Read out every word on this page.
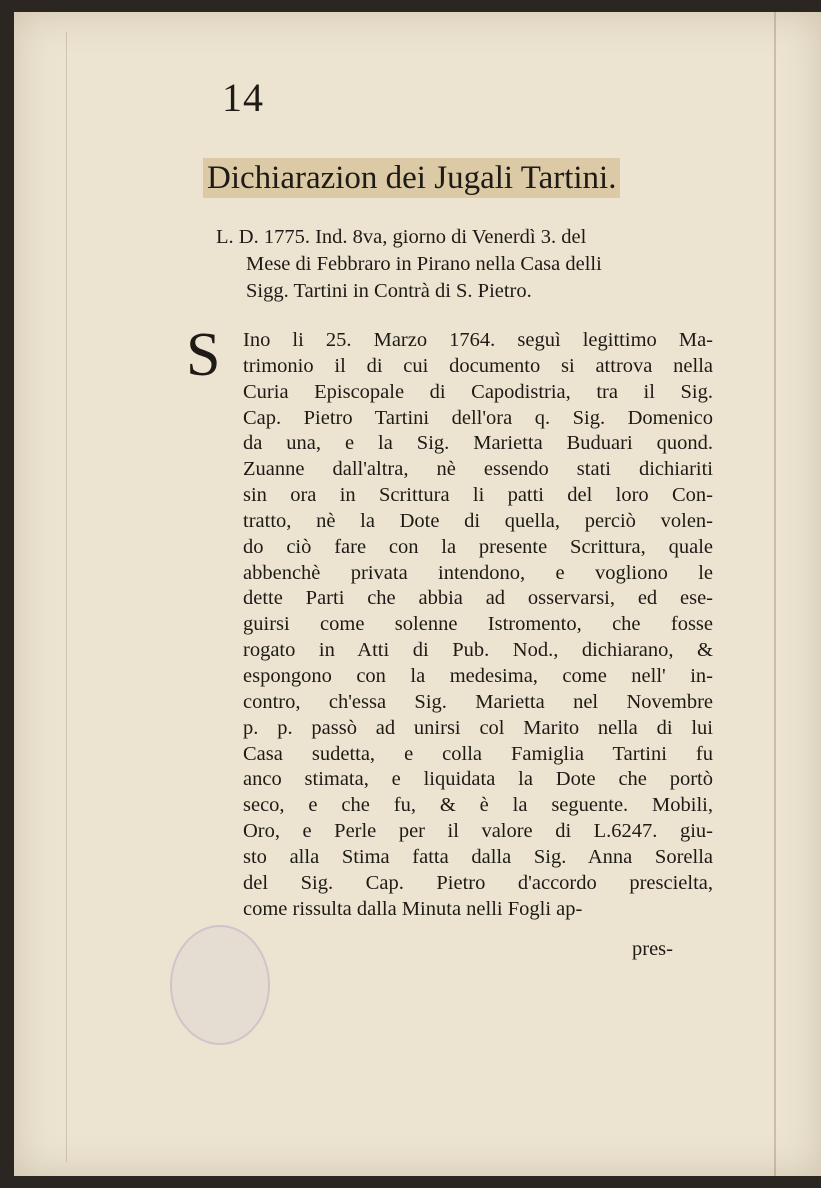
14
Dichiarazion dei Jugali Tartini.
L. D. 1775. Ind. 8va, giorno di Venerdì 3. del
Mese di Febbraro in Pirano nella Casa delli
Sigg. Tartini in Contrà di S. Pietro.
S Ino li 25. Marzo 1764. seguì legittimo Ma-
trimonio il di cui documento si attrova nella
Curia Episcopale di Capodistria, tra il Sig.
Cap. Pietro Tartini dell'ora q. Sig. Domenico
da una, e la Sig. Marietta Buduari quond.
Zuanne dall'altra, nè essendo stati dichiariti
sin ora in Scrittura li patti del loro Con-
tratto, nè la Dote di quella, perciò volen-
do ciò fare con la presente Scrittura, quale
abbenchè privata intendono, e vogliono le
dette Parti che abbia ad osservarsi, ed ese-
guirsi come solenne Istromento, che fosse
rogato in Atti di Pub. Nod., dichiarano, &
espongono con la medesima, come nell' in-
contro, ch'essa Sig. Marietta nel Novembre
p. p. passò ad unirsi col Marito nella di lui
Casa sudetta, e colla Famiglia Tartini fu
anco stimata, e liquidata la Dote che portò
seco, e che fu, & è la seguente. Mobili,
Oro, e Perle per il valore di L.6247. giu-
sto alla Stima fatta dalla Sig. Anna Sorella
del Sig. Cap. Pietro d'accordo prescielta,
come rissulta dalla Minuta nelli Fogli ap-
pres-
